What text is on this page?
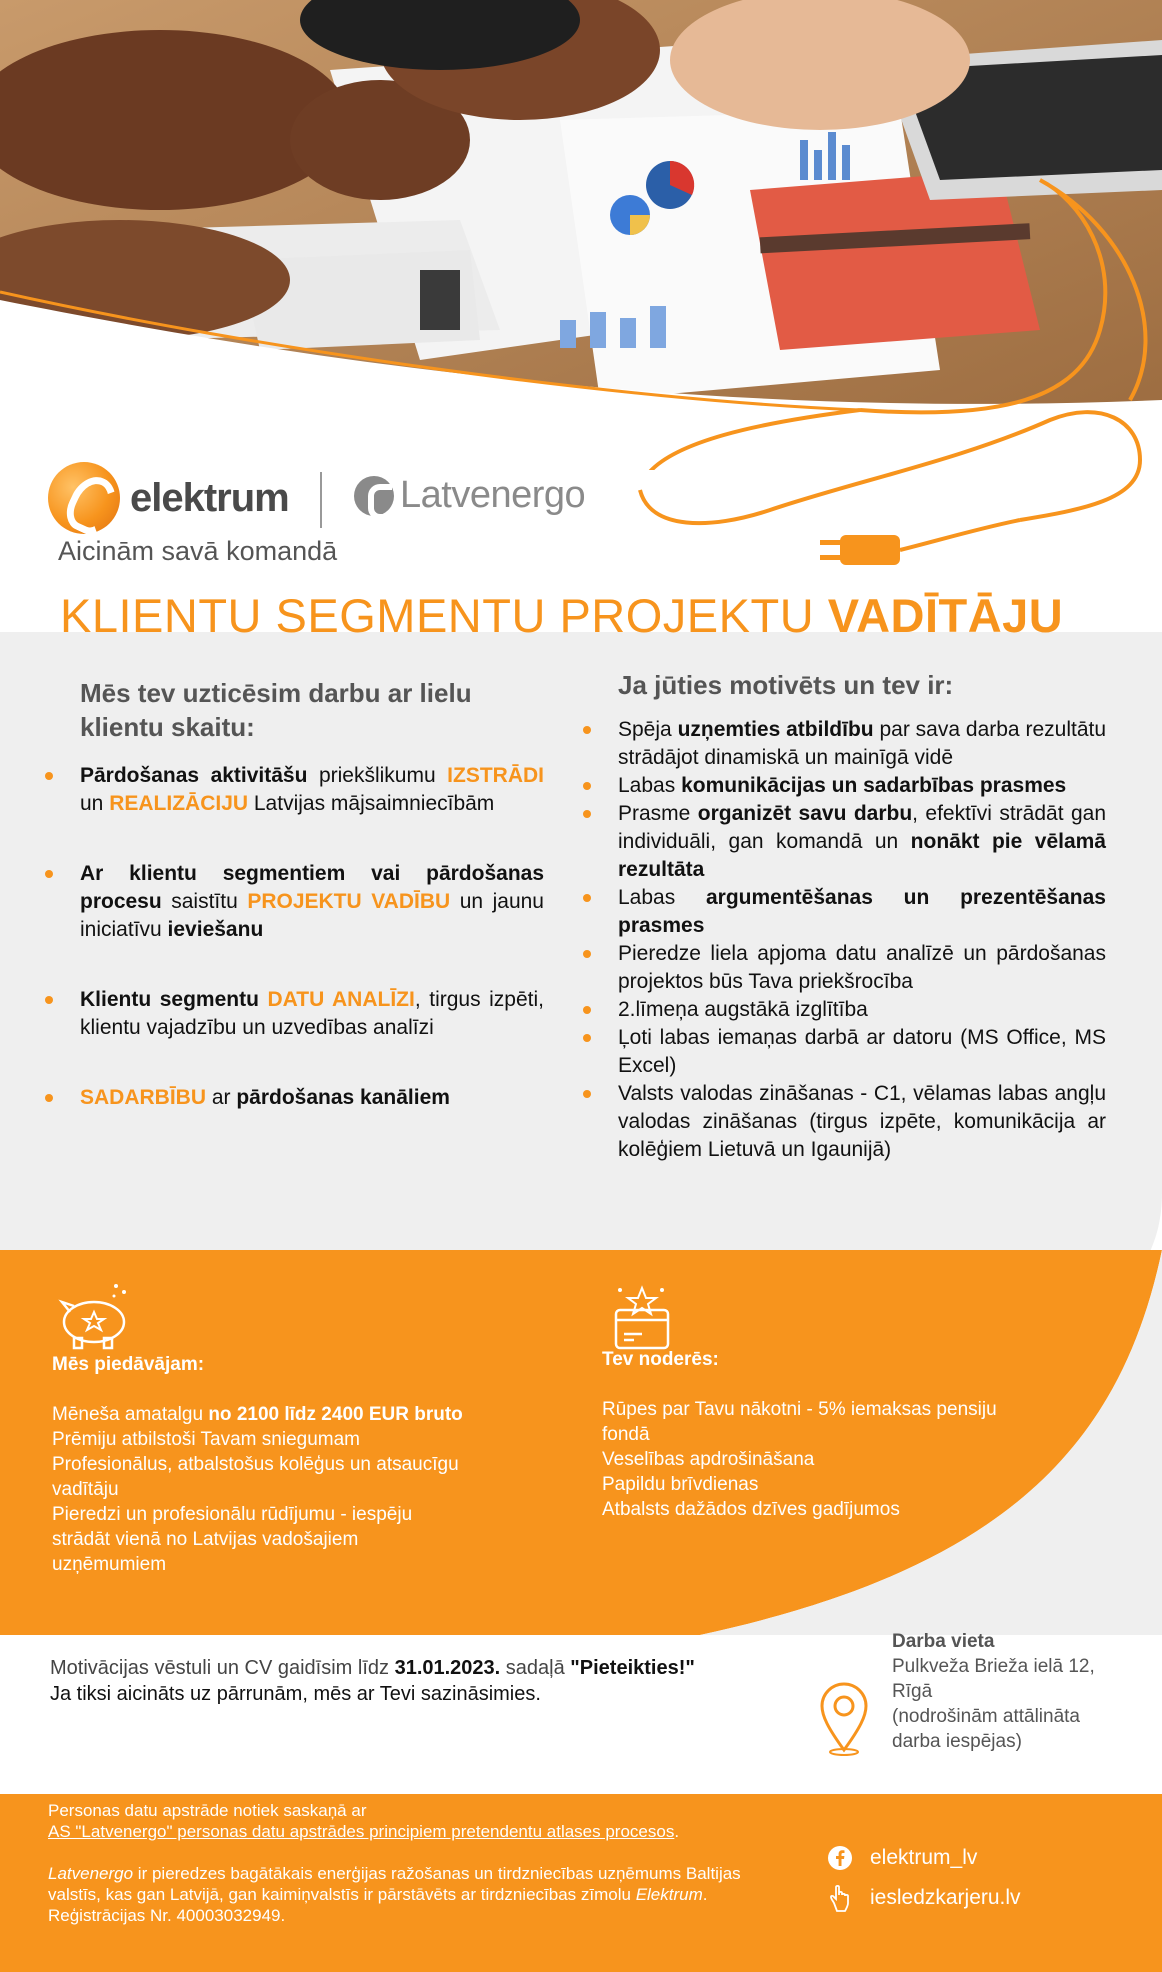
elektrum	Latvenergo
Aicinām savā komandā
KLIENTU SEGMENTU PROJEKTU VADĪTĀJU
Mēs tev uzticēsim darbu ar lielu klientu skaitu:
Pārdošanas aktivitāšu priekšlikumu IZSTRĀDI un REALIZĀCIJU Latvijas mājsaimniecībām
Ar klientu segmentiem vai pārdošanas procesu saistītu PROJEKTU VADĪBU un jaunu iniciatīvu ieviešanu
Klientu segmentu DATU ANALĪZI, tirgus izpēti, klientu vajadzību un uzvedības analīzi
SADARBĪBU ar pārdošanas kanāliem
Ja jūties motivēts un tev ir:
Spēja uzņemties atbildību par sava darba rezultātu strādājot dinamiskā un mainīgā vidē
Labas komunikācijas un sadarbības prasmes
Prasme organizēt savu darbu, efektīvi strādāt gan individuāli, gan komandā un nonākt pie vēlamā rezultāta
Labas argumentēšanas un prezentēšanas prasmes
Pieredze liela apjoma datu analīzē un pārdošanas projektos būs Tava priekšrocība
2.līmeņa augstākā izglītība
Ļoti labas iemaņas darbā ar datoru (MS Office, MS Excel)
Valsts valodas zināšanas - C1, vēlamas labas angļu valodas zināšanas (tirgus izpēte, komunikācija ar kolēģiem Lietuvā un Igaunijā)
Mēs piedāvājam:
Mēneša amatalgu no 2100 līdz 2400 EUR bruto
Prēmiju atbilstoši Tavam sniegumam
Profesionālus, atbalstošus kolēģus un atsaucīgu vadītāju
Pieredzi un profesionālu rūdījumu - iespēju strādāt vienā no Latvijas vadošajiem uzņēmumiem
Tev noderēs:
Rūpes par Tavu nākotni - 5% iemaksas pensiju fondā
Veselības apdrošināšana
Papildu brīvdienas
Atbalsts dažādos dzīves gadījumos
Motivācijas vēstuli un CV gaidīsim līdz 31.01.2023. sadaļā "Pieteikties!"
Ja tiksi aicināts uz pārrunām, mēs ar Tevi sazināsimies.
Darba vieta
Pulkveža Brieža ielā 12, Rīgā
(nodrošinām attālināta darba iespējas)
Personas datu apstrāde notiek saskaņā ar
AS "Latvenergo" personas datu apstrādes principiem pretendentu atlases procesos.
Latvenergo ir pieredzes bagātākais enerģijas ražošanas un tirdzniecības uzņēmums Baltijas valstīs, kas gan Latvijā, gan kaimiņvalstīs ir pārstāvēts ar tirdzniecības zīmolu Elektrum.
Reģistrācijas Nr. 40003032949.
elektrum_lv
iesledzkarjeru.lv
